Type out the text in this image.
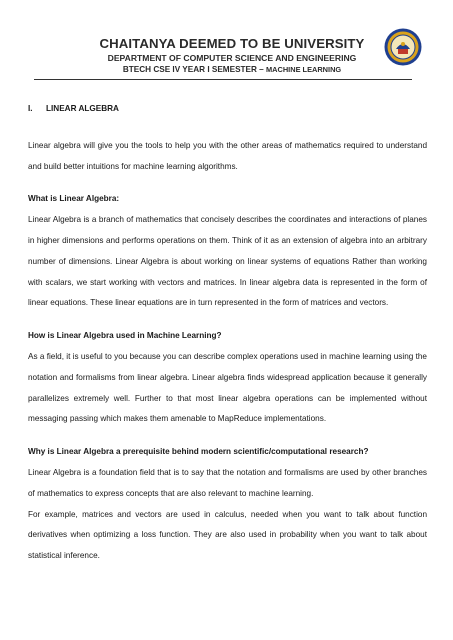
CHAITANYA DEEMED TO BE UNIVERSITY
DEPARTMENT OF COMPUTER SCIENCE AND ENGINEERING
BTECH CSE IV YEAR I SEMESTER – MACHINE LEARNING
I. LINEAR ALGEBRA

Linear algebra will give you the tools to help you with the other areas of mathematics required to understand and build better intuitions for machine learning algorithms.

What is Linear Algebra:

Linear Algebra is a branch of mathematics that concisely describes the coordinates and interactions of planes in higher dimensions and performs operations on them. Think of it as an extension of algebra into an arbitrary number of dimensions. Linear Algebra is about working on linear systems of equations Rather than working with scalars, we start working with vectors and matrices. In linear algebra data is represented in the form of linear equations. These linear equations are in turn represented in the form of matrices and vectors.

How is Linear Algebra used in Machine Learning?

As a field, it is useful to you because you can describe complex operations used in machine learning using the notation and formalisms from linear algebra. Linear algebra finds widespread application because it generally parallelizes extremely well. Further to that most linear algebra operations can be implemented without messaging passing which makes them amenable to MapReduce implementations.

Why is Linear Algebra a prerequisite behind modern scientific/computational research?

Linear Algebra is a foundation field that is to say that the notation and formalisms are used by other branches of mathematics to express concepts that are also relevant to machine learning.

For example, matrices and vectors are used in calculus, needed when you want to talk about function derivatives when optimizing a loss function. They are also used in probability when you want to talk about statistical inference.
